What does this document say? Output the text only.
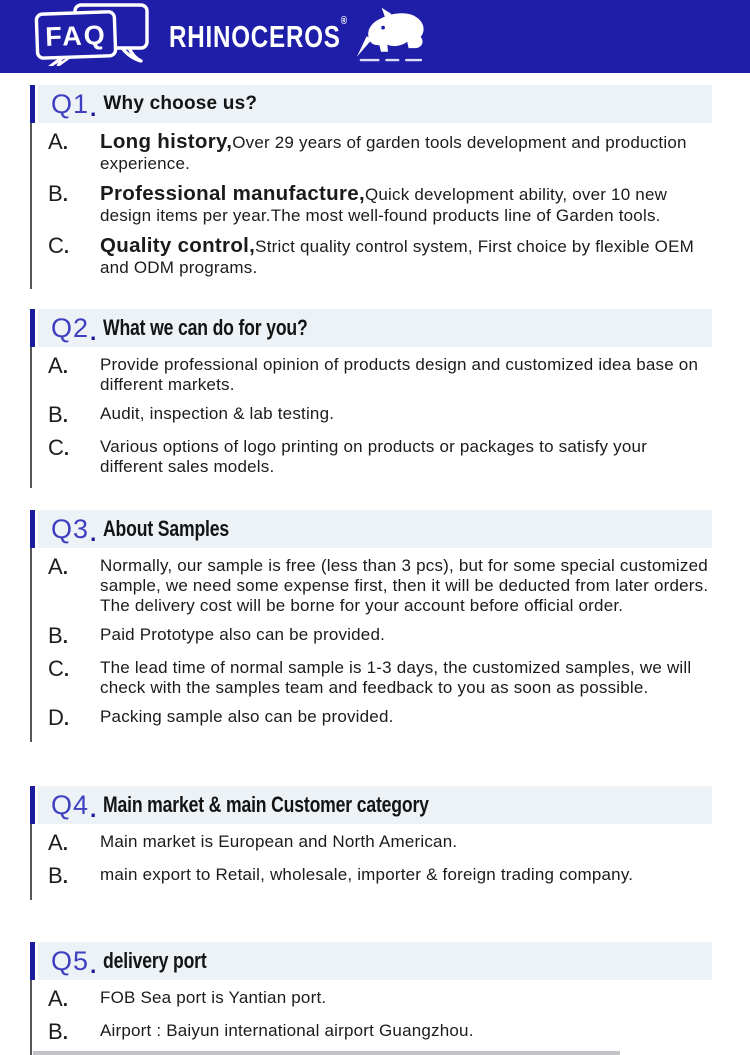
FAQ RHINOCEROS®
Q1 . Why choose us?
A.	Long history,Over 29 years of garden tools development and production experience.
B.	Professional manufacture,Quick development ability, over 10 new design items per year.The most well-found products line of Garden tools.
C.	Quality control,Strict quality control system, First choice by flexible OEM and ODM programs.
Q2 . What we can do for you?
A.	Provide professional opinion of products design and customized idea base on different markets.
B.	Audit, inspection & lab testing.
C.	Various options of logo printing on products or packages to satisfy your different sales models.
Q3 . About Samples
A.	Normally, our sample is free (less than 3 pcs), but for some special customized sample, we need some expense first, then it will be deducted from later orders. The delivery cost will be borne for your account before official order.
B.	Paid Prototype also can be provided.
C.	The lead time of normal sample is 1-3 days, the customized samples, we will check with the samples team and feedback to you as soon as possible.
D.	Packing sample also can be provided.
Q4 . Main market & main Customer category
A.	Main market is European and North American.
B.	main export to Retail, wholesale, importer & foreign trading company.
Q5 . delivery port
A.	FOB Sea port is Yantian port.
B.	Airport : Baiyun international airport Guangzhou.
